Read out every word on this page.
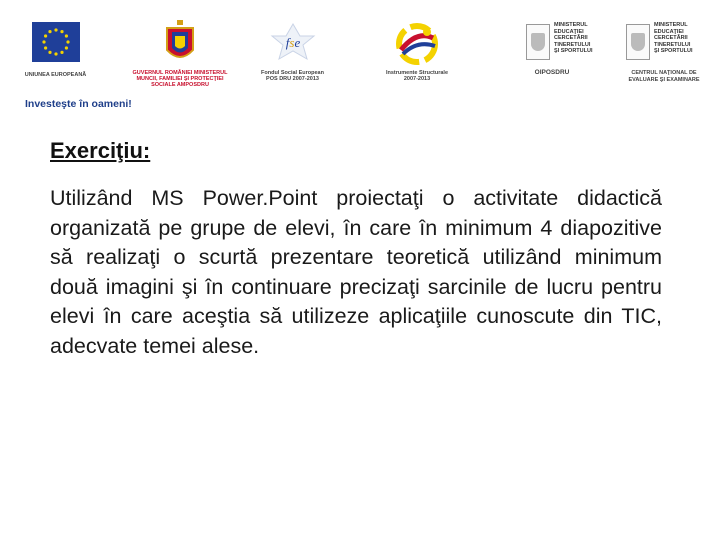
UNIUNEA EUROPEANĂ	GUVERNUL ROMÂNIEI MINISTERUL MUNCII, FAMILIEI ŞI PROTECŢIEI SOCIALE AMPOSDRU
fse
Fondul Social European
POS DRU 2007-2013
Instrumente Structurale
2007-2013
MINISTERUL
EDUCAŢIEI
CERCETĂRII
TINERETULUI
ŞI SPORTULUI
OIPOSDRU
MINISTERUL
EDUCAŢIEI
CERCETĂRII
TINERETULUI
ŞI SPORTULUI
CENTRUL NAŢIONAL DE EVALUARE ŞI EXAMINARE
Investeşte în oameni!
Exerciţiu:
Utilizând MS Power.Point proiectaţi o activitate didactică organizată pe grupe de elevi, în care în minimum 4 diapozitive să realizaţi o scurtă prezentare teoretică utilizând minimum două imagini şi în continuare precizaţi sarcinile de lucru pentru elevi în care aceştia să utilizeze aplicaţiile cunoscute din TIC, adecvate temei alese.
